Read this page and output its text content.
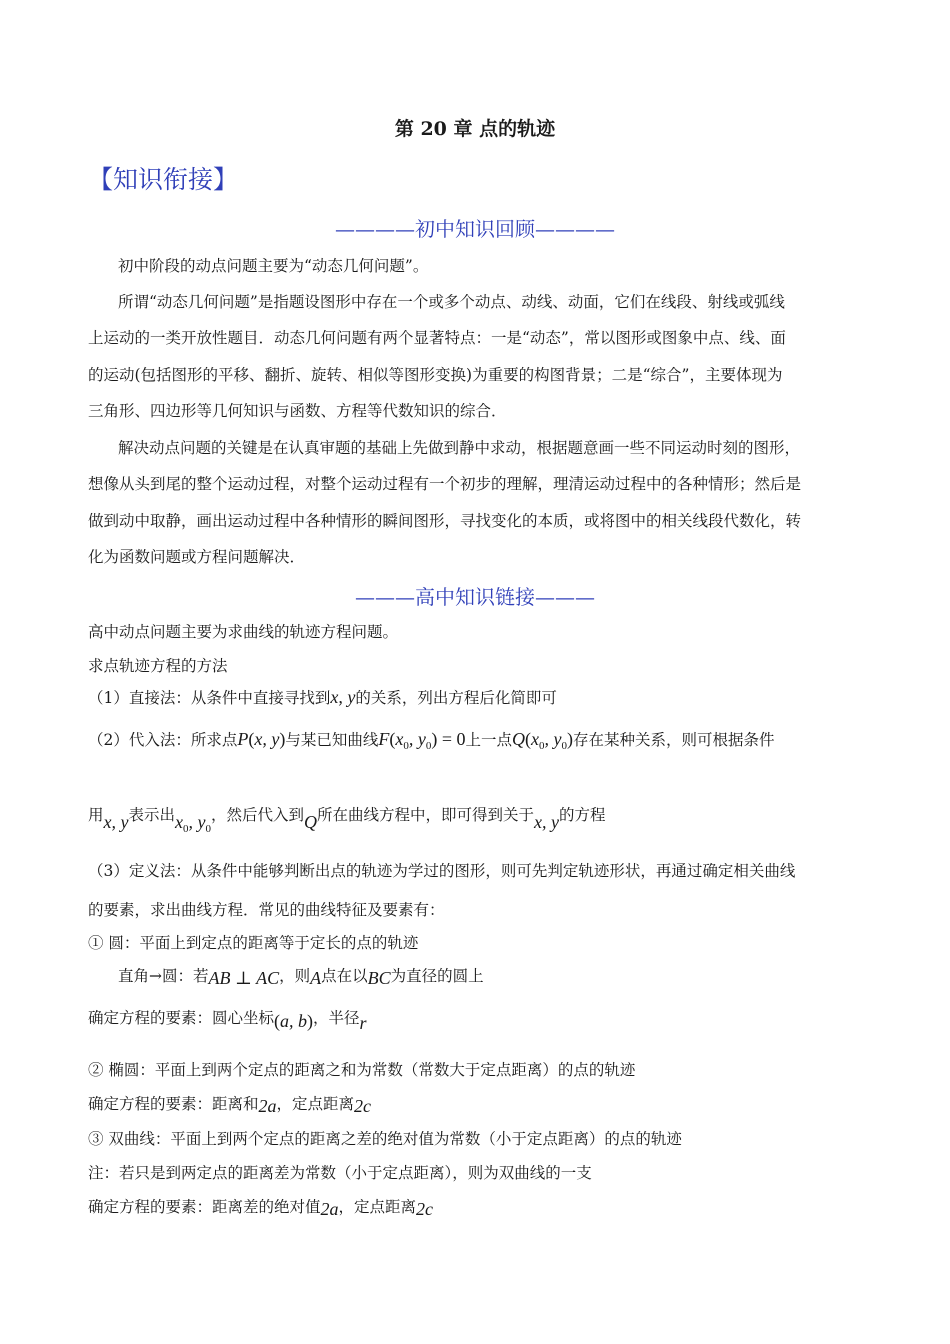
第 20 章 点的轨迹
【知识衔接】
————初中知识回顾————
初中阶段的动点问题主要为“动态几何问题”。
所谓“动态几何问题”是指题设图形中存在一个或多个动点、动线、动面，它们在线段、射线或弧线
上运动的一类开放性题目．动态几何问题有两个显著特点：一是“动态”，常以图形或图象中点、线、面
的运动(包括图形的平移、翻折、旋转、相似等图形变换)为重要的构图背景；二是“综合”，主要体现为
三角形、四边形等几何知识与函数、方程等代数知识的综合．
解决动点问题的关键是在认真审题的基础上先做到静中求动，根据题意画一些不同运动时刻的图形，
想像从头到尾的整个运动过程，对整个运动过程有一个初步的理解，理清运动过程中的各种情形；然后是
做到动中取静，画出运动过程中各种情形的瞬间图形，寻找变化的本质，或将图中的相关线段代数化，转
化为函数问题或方程问题解决．
———高中知识链接———
高中动点问题主要为求曲线的轨迹方程问题。
求点轨迹方程的方法
（1）直接法：从条件中直接寻找到x, y的关系，列出方程后化简即可
（2）代入法：所求点P(x, y)与某已知曲线$F(x_0$, $y_0) = 0$上一点$Q(x_0$, $y_0$)存在某种关系，则可根据条件
用x, y表示出$x_0$, $y_0$，然后代入到Q所在曲线方程中，即可得到关于x, y的方程
（3）定义法：从条件中能够判断出点的轨迹为学过的图形，则可先判定轨迹形状，再通过确定相关曲线
的要素，求出曲线方程．常见的曲线特征及要素有：
① 圆：平面上到定点的距离等于定长的点的轨迹
直角→圆：若AB ⊥ AC，则A点在以BC为直径的圆上
确定方程的要素：圆心坐标(a, b)，半径r
② 椭圆：平面上到两个定点的距离之和为常数（常数大于定点距离）的点的轨迹
确定方程的要素：距离和2a，定点距离2c
③ 双曲线：平面上到两个定点的距离之差的绝对值为常数（小于定点距离）的点的轨迹
注：若只是到两定点的距离差为常数（小于定点距离），则为双曲线的一支
确定方程的要素：距离差的绝对值2a，定点距离2c
